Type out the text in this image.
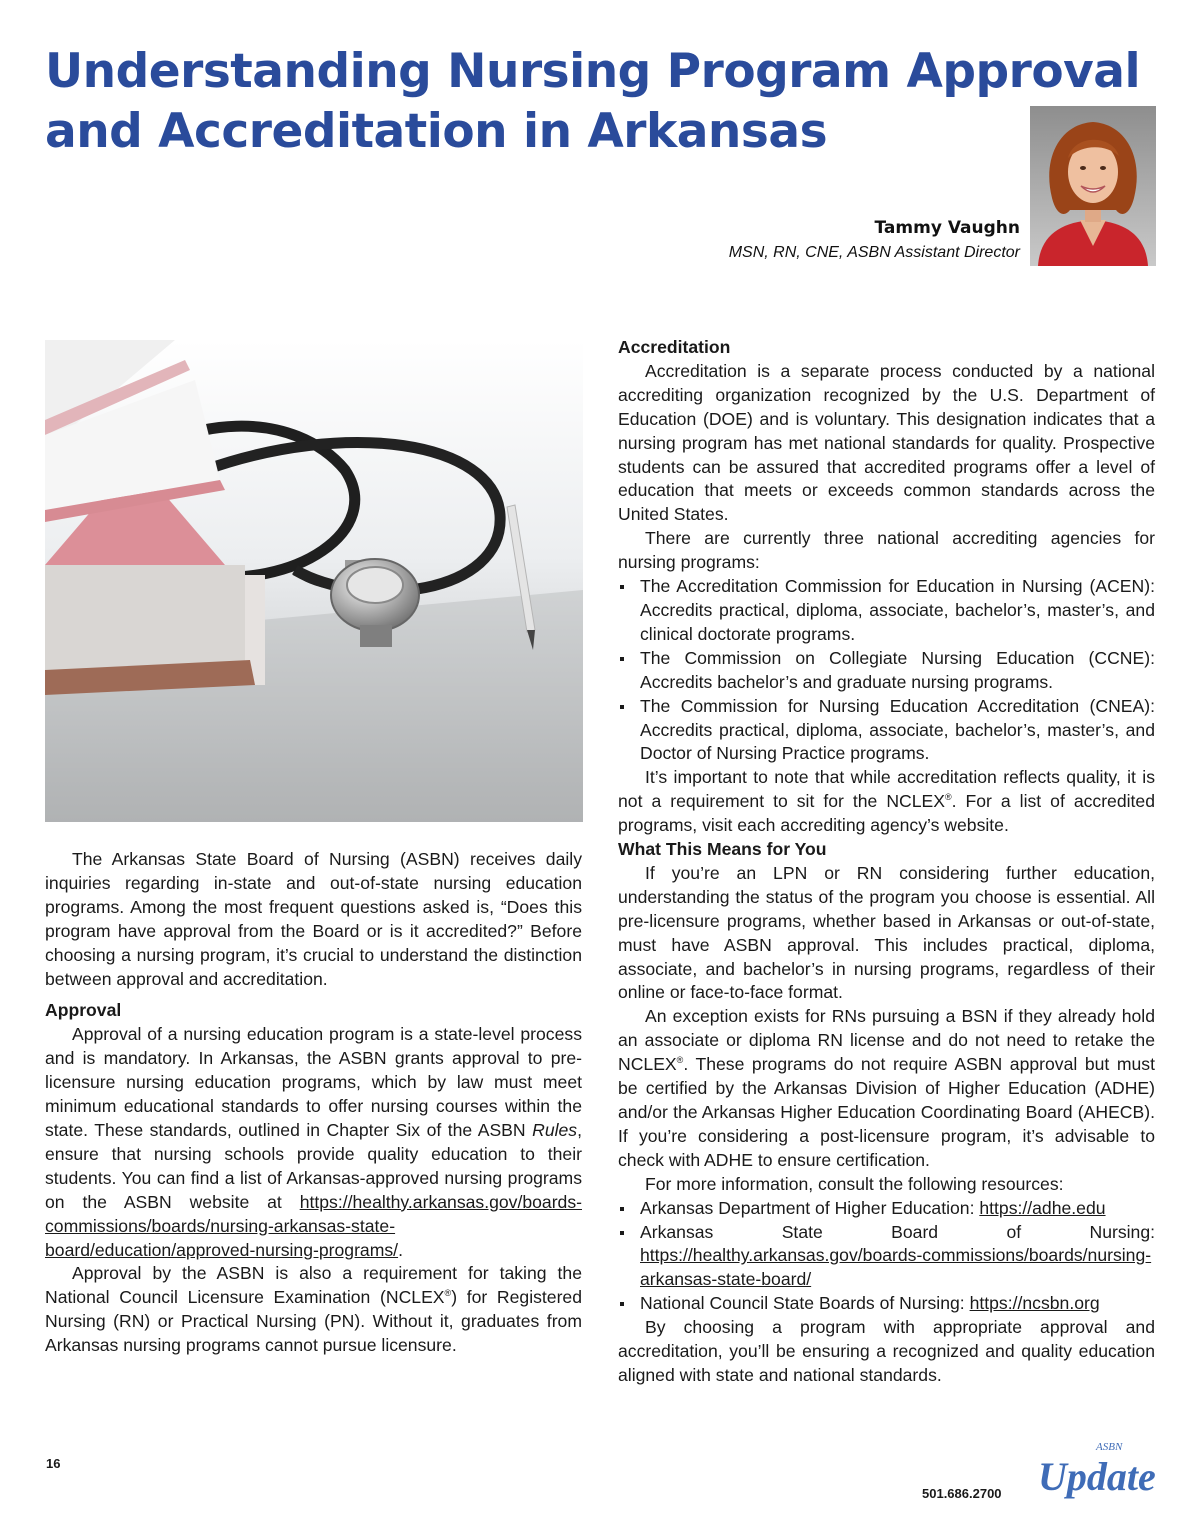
Understanding Nursing Program Approval
and Accreditation in Arkansas
Tammy Vaughn
MSN, RN, CNE, ASBN Assistant Director

The Arkansas State Board of Nursing (ASBN) receives daily inquiries regarding in-state and out-of-state nursing education programs. Among the most frequent questions asked is, “Does this program have approval from the Board or is it accredited?” Before choosing a nursing program, it’s crucial to understand the distinction between approval and accreditation.

Approval

Approval of a nursing education program is a state-level process and is mandatory. In Arkansas, the ASBN grants approval to pre-licensure nursing education programs, which by law must meet minimum educational standards to offer nursing courses within the state. These standards, outlined in Chapter Six of the ASBN Rules, ensure that nursing schools provide quality education to their students. You can find a list of Arkansas-approved nursing programs on the ASBN website at https://healthy.arkansas.gov/boards-commissions/boards/nursing-arkansas-state-board/education/approved-nursing-programs/.

Approval by the ASBN is also a requirement for taking the National Council Licensure Examination (NCLEX®) for Registered Nursing (RN) or Practical Nursing (PN). Without it, graduates from Arkansas nursing programs cannot pursue licensure.

Accreditation

Accreditation is a separate process conducted by a national accrediting organization recognized by the U.S. Department of Education (DOE) and is voluntary. This designation indicates that a nursing program has met national standards for quality. Prospective students can be assured that accredited programs offer a level of education that meets or exceeds common standards across the United States.

There are currently three national accrediting agencies for nursing programs:

The Accreditation Commission for Education in Nursing (ACEN): Accredits practical, diploma, associate, bachelor’s, master’s, and clinical doctorate programs.
The Commission on Collegiate Nursing Education (CCNE): Accredits bachelor’s and graduate nursing programs.
The Commission for Nursing Education Accreditation (CNEA): Accredits practical, diploma, associate, bachelor’s, master’s, and Doctor of Nursing Practice programs.

It’s important to note that while accreditation reflects quality, it is not a requirement to sit for the NCLEX®. For a list of accredited programs, visit each accrediting agency’s website.

What This Means for You

If you’re an LPN or RN considering further education, understanding the status of the program you choose is essential. All pre-licensure programs, whether based in Arkansas or out-of-state, must have ASBN approval. This includes practical, diploma, associate, and bachelor’s in nursing programs, regardless of their online or face-to-face format.

An exception exists for RNs pursuing a BSN if they already hold an associate or diploma RN license and do not need to retake the NCLEX®. These programs do not require ASBN approval but must be certified by the Arkansas Division of Higher Education (ADHE) and/or the Arkansas Higher Education Coordinating Board (AHECB). If you’re considering a post-licensure program, it’s advisable to check with ADHE to ensure certification.

For more information, consult the following resources:

Arkansas Department of Higher Education: https://adhe.edu
Arkansas State Board of Nursing: https://healthy.arkansas.gov/boards-commissions/boards/nursing-arkansas-state-board/
National Council State Boards of Nursing: https://ncsbn.org

By choosing a program with appropriate approval and accreditation, you’ll be ensuring a recognized and quality education aligned with state and national standards.

16
501.686.2700
ASBN
Update
